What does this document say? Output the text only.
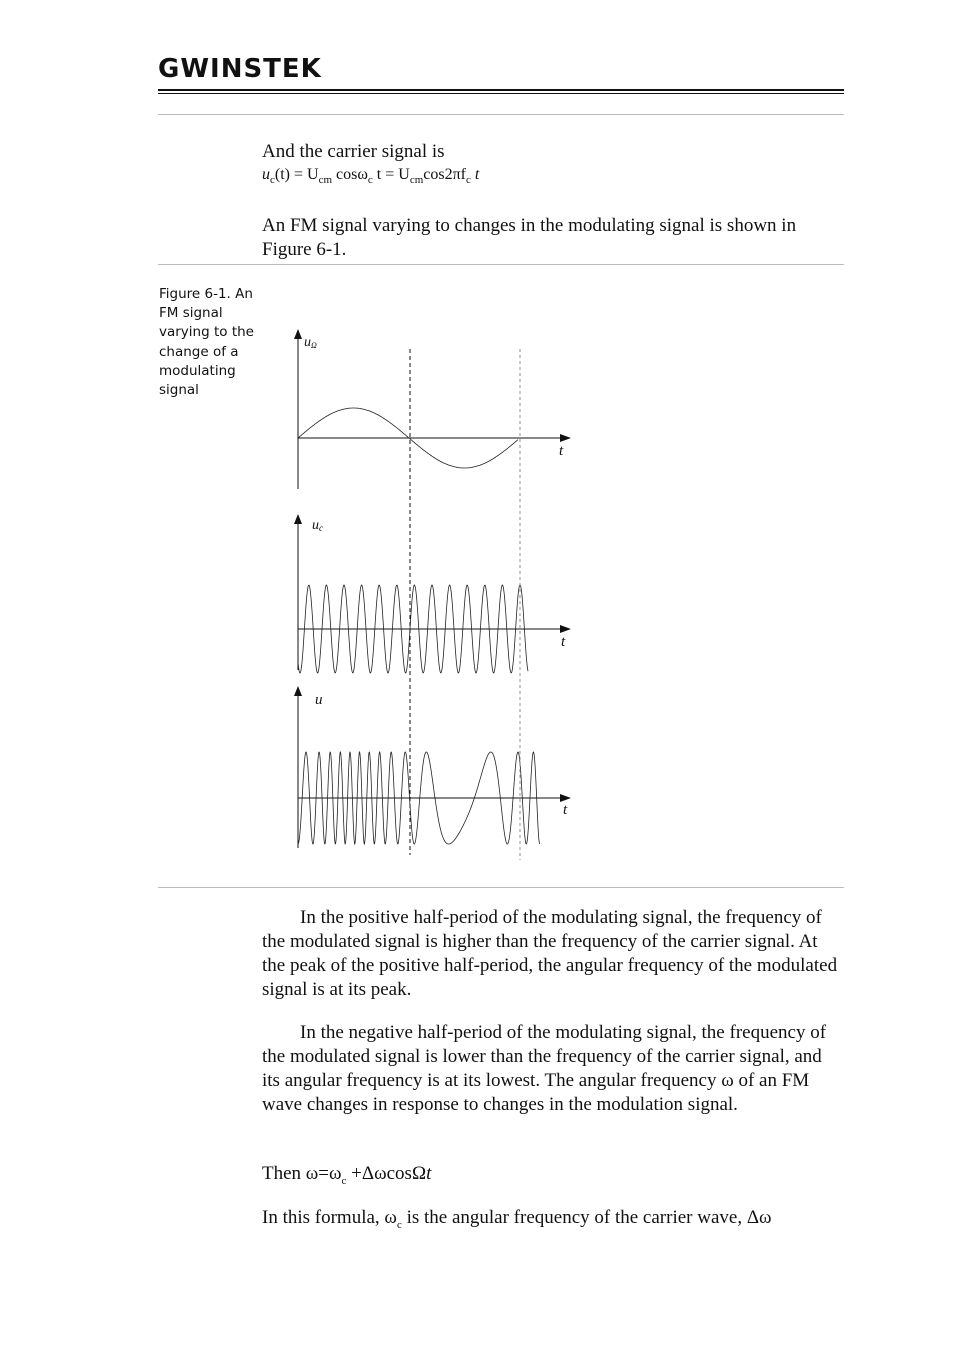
GWINSTEK

And the carrier signal is

$u_c(t) = U_{cm}$ cosω$_c$ $t = U_{cm}\cos 2\pi f_c$ t

An FM signal varying to changes in the modulating signal is shown in Figure 6-1.

Figure 6-1. An FM signal varying to the change of a modulating signal
uΩ
t
uc
t
u
t

In the positive half-period of the modulating signal, the frequency of the modulated signal is higher than the frequency of the carrier signal. At the peak of the positive half-period, the angular frequency of the modulated signal is at its peak.

In the negative half-period of the modulating signal, the frequency of the modulated signal is lower than the frequency of the carrier signal, and its angular frequency is at its lowest. The angular frequency ω of an FM wave changes in response to changes in the modulation signal.

Then $\omega=\omega_c +\Delta\omega\cos\Omega t$

In this formula, $\omega_c$ is the angular frequency of the carrier wave, Δω
